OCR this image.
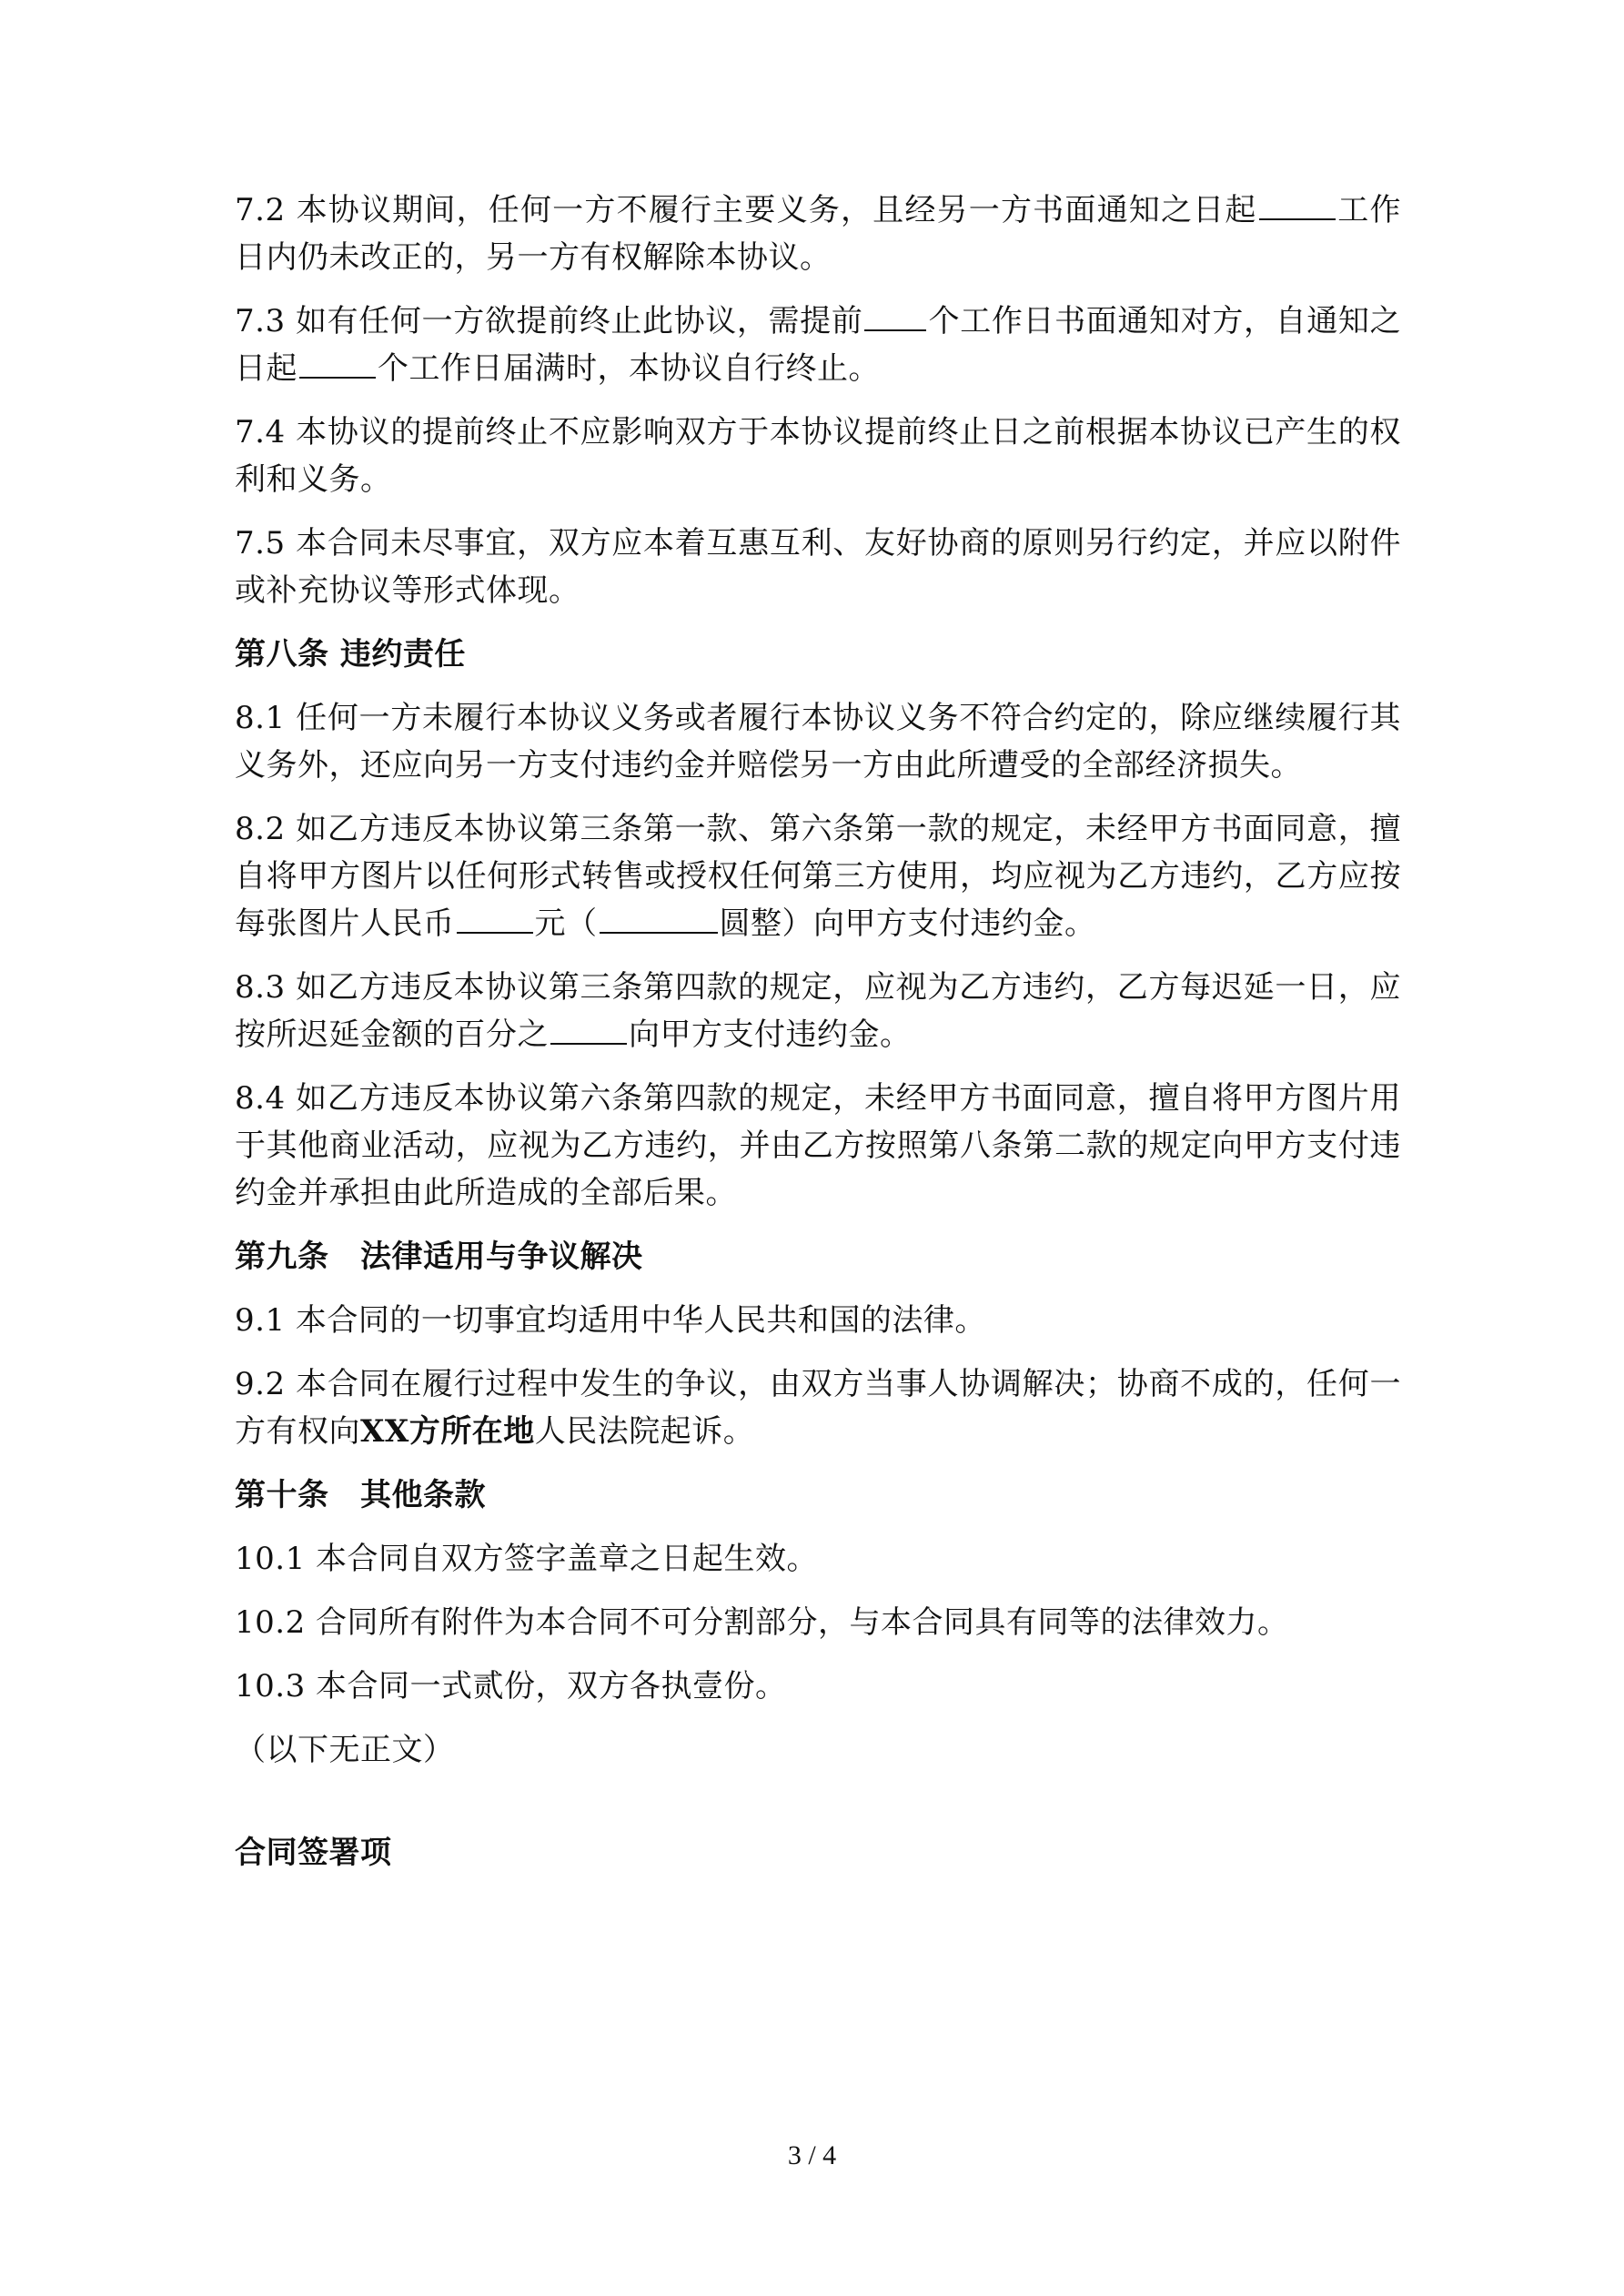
7.2 本协议期间，任何一方不履行主要义务，且经另一方书面通知之日起	工作日内仍未改正的，另一方有权解除本协议。

7.3 如有任何一方欲提前终止此协议，需提前 个工作日书面通知对方，自通知之日起	个工作日届满时，本协议自行终止。

7.4 本协议的提前终止不应影响双方于本协议提前终止日之前根据本协议已产生的权利和义务。

7.5 本合同未尽事宜，双方应本着互惠互利、友好协商的原则另行约定，并应以附件或补充协议等形式体现。

第八条 违约责任

8.1 任何一方未履行本协议义务或者履行本协议义务不符合约定的，除应继续履行其义务外，还应向另一方支付违约金并赔偿另一方由此所遭受的全部经济损失。

8.2 如乙方违反本协议第三条第一款、第六条第一款的规定，未经甲方书面同意，擅自将甲方图片以任何形式转售或授权任何第三方使用，均应视为乙方违约，乙方应按每张图片人民币	元（	圆整）向甲方支付违约金。

8.3 如乙方违反本协议第三条第四款的规定，应视为乙方违约，乙方每迟延一日，应按所迟延金额的百分之	向甲方支付违约金。

8.4 如乙方违反本协议第六条第四款的规定，未经甲方书面同意，擅自将甲方图片用于其他商业活动，应视为乙方违约，并由乙方按照第八条第二款的规定向甲方支付违约金并承担由此所造成的全部后果。

第九条　法律适用与争议解决

9.1 本合同的一切事宜均适用中华人民共和国的法律。

9.2 本合同在履行过程中发生的争议，由双方当事人协调解决；协商不成的，任何一方有权向XX方所在地人民法院起诉。

第十条　其他条款

10.1 本合同自双方签字盖章之日起生效。

10.2 合同所有附件为本合同不可分割部分，与本合同具有同等的法律效力。

10.3 本合同一式贰份，双方各执壹份。

（以下无正文）

合同签署项
3 / 4
